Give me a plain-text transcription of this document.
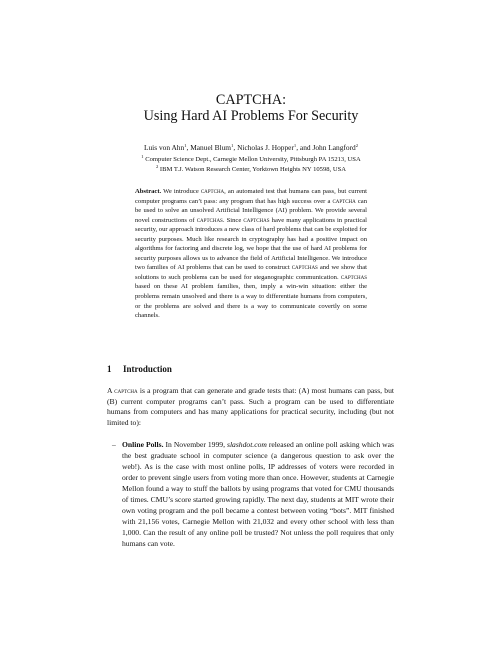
CAPTCHA:
Using Hard AI Problems For Security
Luis von Ahn$^1$, Manuel Blum$^1$, Nicholas J. Hopper$^1$, and John Langford$^2$
$^1$ Computer Science Dept., Carnegie Mellon University, Pittsburgh PA 15213, USA
$^2$ IBM T.J. Watson Research Center, Yorktown Heights NY 10598, USA
Abstract. We introduce captcha, an automated test that humans can pass, but current computer programs can’t pass: any program that has high success over a captcha can be used to solve an unsolved Artificial Intelligence (AI) problem. We provide several novel constructions of captchas. Since captchas have many applications in practical security, our approach introduces a new class of hard problems that can be exploited for security purposes. Much like research in cryptography has had a positive impact on algorithms for factoring and discrete log, we hope that the use of hard AI problems for security purposes allows us to advance the field of Artificial Intelligence. We introduce two families of AI problems that can be used to construct captchas and we show that solutions to such problems can be used for steganographic communication. captchas based on these AI problem families, then, imply a win-win situation: either the problems remain unsolved and there is a way to differentiate humans from computers, or the problems are solved and there is a way to communicate covertly on some channels.
1 Introduction
A captcha is a program that can generate and grade tests that: (A) most humans can pass, but (B) current computer programs can’t pass. Such a program can be used to differentiate humans from computers and has many applications for practical security, including (but not limited to):
– Online Polls. In November 1999, slashdot.com released an online poll asking which was the best graduate school in computer science (a dangerous question to ask over the web!). As is the case with most online polls, IP addresses of voters were recorded in order to prevent single users from voting more than once. However, students at Carnegie Mellon found a way to stuff the ballots by using programs that voted for CMU thousands of times. CMU’s score started growing rapidly. The next day, students at MIT wrote their own voting program and the poll became a contest between voting “bots”. MIT finished with 21,156 votes, Carnegie Mellon with 21,032 and every other school with less than 1,000. Can the result of any online poll be trusted? Not unless the poll requires that only humans can vote.
